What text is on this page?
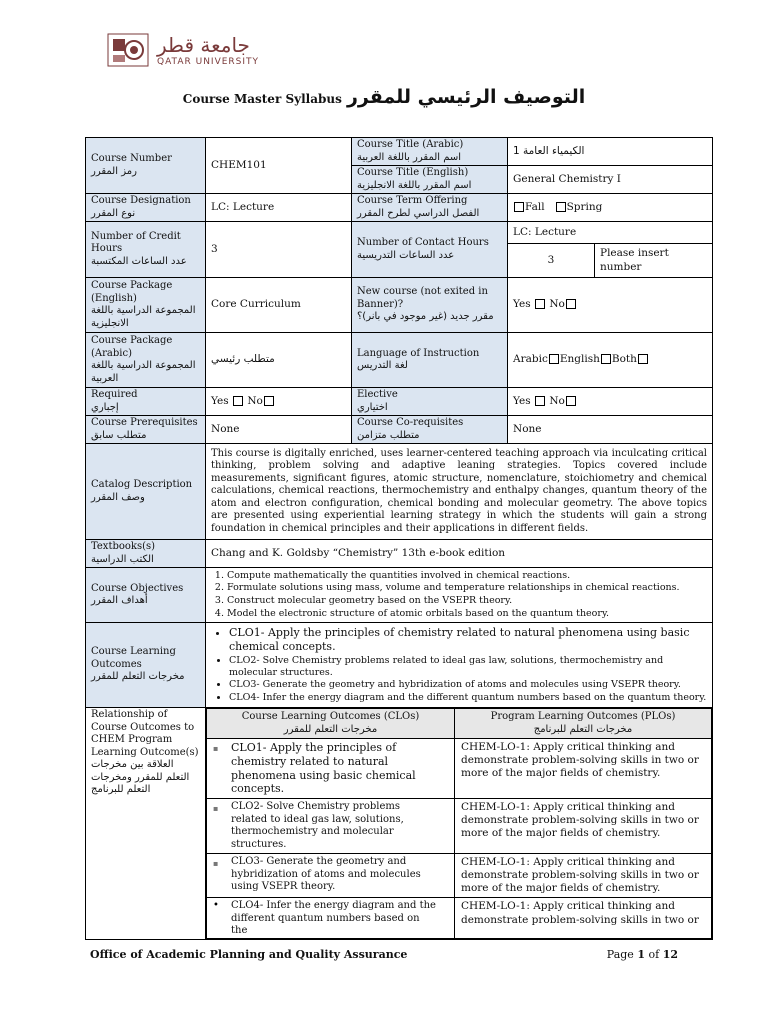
جامعة قطر
QATAR UNIVERSITY
Course Master Syllabus التوصيف الرئيسي للمقرر
Course Number
رمز المقرر
	CHEM101	
Course Title (Arabic)
اسم المقرر باللغة العربية
	الكيمياء العامة 1

Course Title (English)
اسم المقرر باللغة الانجليزية
	General Chemistry I

Course Designation
نوع المقرر
	LC: Lecture	
Course Term Offering
الفصل الدراسي لطرح المقرر
	Fall Spring

Number of Credit Hours
عدد الساعات المكتسبة
	3	
Number of Contact Hours
عدد الساعات التدريسية
	LC: Lecture
3	Please insert number

Course Package (English)
المجموعة الدراسية باللغة الانجليزية
	Core Curriculum	
New course (not exited in Banner)?
مقرر جديد (غير موجود في بانر)؟
	Yes No

Course Package (Arabic)
المجموعة الدراسية باللغة العربية
	متطلب رئيسي	
Language of Instruction
لغة التدريس
	Arabic English Both

Required
إجباري
	Yes No	
Elective
اختياري
	Yes No

Course Prerequisites
متطلب سابق
	None	
Course Co-requisites
متطلب متزامن
	None

Catalog Description
وصف المقرر
	This course is digitally enriched, uses learner-centered teaching approach via inculcating critical thinking, problem solving and adaptive leaning strategies. Topics covered include measurements, significant figures, atomic structure, nomenclature, stoichiometry and chemical calculations, chemical reactions, thermochemistry and enthalpy changes, quantum theory of the atom and electron configuration, chemical bonding and molecular geometry. The above topics are presented using experiential learning strategy in which the students will gain a strong foundation in chemical principles and their applications in different fields.

Textbooks(s)
الكتب الدراسية
	Chang and K. Goldsby “Chemistry” 13th e-book edition

Course Objectives
أهداف المقرر

1. Compute mathematically the quantities involved in chemical reactions.
2. Formulate solutions using mass, volume and temperature relationships in chemical reactions.
3. Construct molecular geometry based on the VSEPR theory.
4. Model the electronic structure of atomic orbitals based on the quantum theory.

Course Learning Outcomes
مخرجات التعلم للمقرر

• CLO1- Apply the principles of chemistry related to natural phenomena using basic chemical concepts.
• CLO2- Solve Chemistry problems related to ideal gas law, solutions, thermochemistry and molecular structures.
• CLO3- Generate the geometry and hybridization of atoms and molecules using VSEPR theory.
• CLO4- Infer the energy diagram and the different quantum numbers based on the quantum theory.

Relationship of Course Outcomes to CHEM Program Learning Outcome(s)
العلاقة بين مخرجات التعلم للمقرر ومخرجات التعلم للبرنامج

Course Learning Outcomes (CLOs)
مخرجات التعلم للمقرر

Program Learning Outcomes (PLOs)
مخرجات التعلم للبرنامج

▪ CLO1- Apply the principles of chemistry related to natural phenomena using basic chemical concepts.	CHEM-LO-1: Apply critical thinking and demonstrate problem-solving skills in two or more of the major fields of chemistry.
▪ CLO2- Solve Chemistry problems related to ideal gas law, solutions, thermochemistry and molecular structures.	CHEM-LO-1: Apply critical thinking and demonstrate problem-solving skills in two or more of the major fields of chemistry.
▪ CLO3- Generate the geometry and hybridization of atoms and molecules using VSEPR theory.	CHEM-LO-1: Apply critical thinking and demonstrate problem-solving skills in two or more of the major fields of chemistry.
• CLO4- Infer the energy diagram and the different quantum numbers based on the	CHEM-LO-1: Apply critical thinking and demonstrate problem-solving skills in two or
Office of Academic Planning and Quality Assurance	Page 1 of 12
